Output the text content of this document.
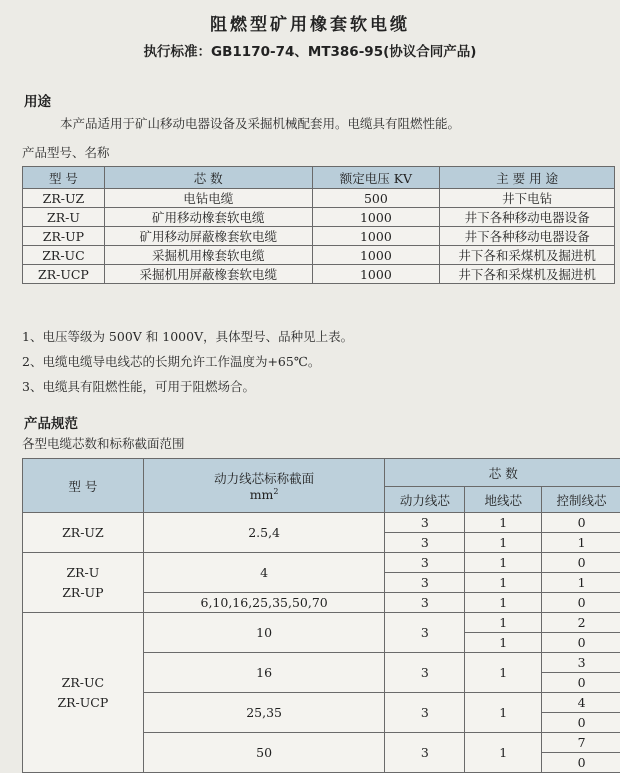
阻燃型矿用橡套软电缆
执行标准：GB1170-74、MT386-95(协议合同产品)
用途
本产品适用于矿山移动电器设备及采掘机械配套用。电缆具有阻燃性能。
产品型号、名称
型 号	芯 数	额定电压 KV	主 要 用 途
ZR-UZ	电钻电缆	500	井下电钻
ZR-U	矿用移动橡套软电缆	1000	井下各种移动电器设备
ZR-UP	矿用移动屏蔽橡套软电缆	1000	井下各种移动电器设备
ZR-UC	采掘机用橡套软电缆	1000	井下各和采煤机及掘进机
ZR-UCP	采掘机用屏蔽橡套软电缆	1000	井下各和采煤机及掘进机
1、电压等级为 500V 和 1000V，具体型号、品种见上表。
2、电缆电缆导电线芯的长期允许工作温度为+65℃。
3、电缆具有阻燃性能，可用于阻燃场合。
产品规范
各型电缆芯数和标称截面范围
型 号	动力线芯标称截面
$mm^2$	芯 数		
		动力线芯	地线芯	控制线芯
ZR-UZ	2.5,4	3	1	0
		3	1	1

ZR-U
ZR-UP	4	3	1	0
		3	1	1
	6,10,16,25,35,50,70	3	1	0

ZR-UC
ZR-UCP	10	3	1	2
			1	0
	16	3	1	3
				0
	25,35	3	1	4
				0
	50	3	1	7
				0
